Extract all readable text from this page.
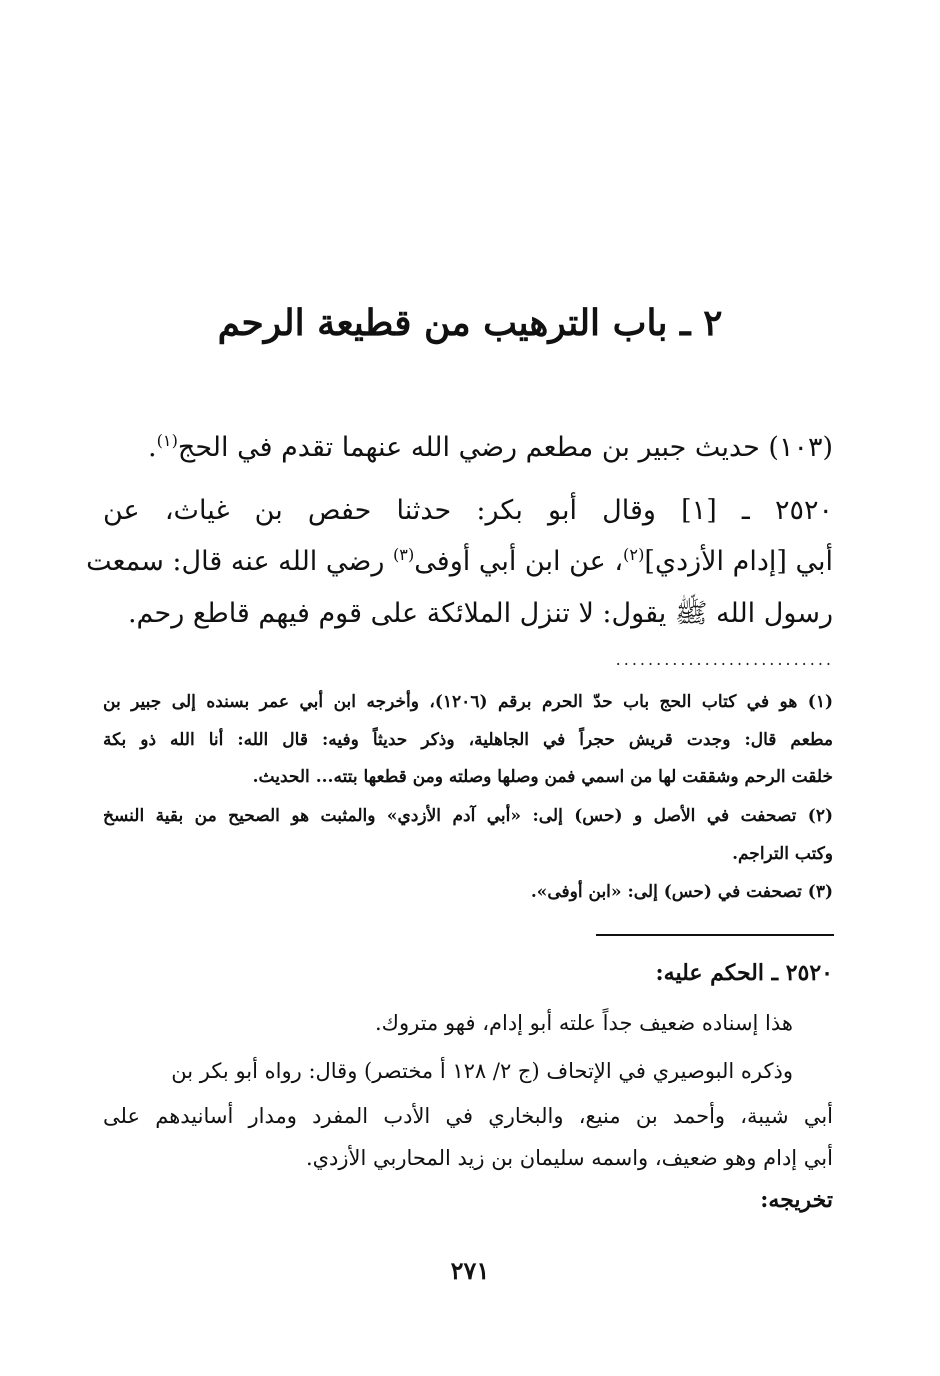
٢ ـ باب الترهيب من قطيعة الرحم
(١٠٣) حديث جبير بن مطعم رضي الله عنهما تقدم في الحج$^{(١)}$.
٢٥٢٠ ـ [١] وقال أبو بكر: حدثنا حفص بن غياث، عن
أبي [إدام الأزدي]$^{(٢)}$، عن ابن أبي أوفى$^{(٣)}$ رضي الله عنه قال: سمعت
رسول الله ﷺ يقول: لا تنزل الملائكة على قوم فيهم قاطع رحم.
...........................
(١) هو في كتاب الحج باب حدّ الحرم برقم (١٢٠٦)، وأخرجه ابن أبي عمر بسنده إلى جبير بن
مطعم قال: وجدت قريش حجراً في الجاهلية، وذكر حديثاً وفيه: قال الله: أنا الله ذو بكة
خلقت الرحم وشققت لها من اسمي فمن وصلها وصلته ومن قطعها بتته... الحديث.
(٢) تصحفت في الأصل و (حس) إلى: «أبي آدم الأزدي» والمثبت هو الصحيح من بقية النسخ
وكتب التراجم.
(٣) تصحفت في (حس) إلى: «ابن أوفى».
٢٥٢٠ ـ الحكم عليه:
هذا إسناده ضعيف جداً علته أبو إدام، فهو متروك.
وذكره البوصيري في الإتحاف (ج ٢/ ١٢٨ أ مختصر) وقال: رواه أبو بكر بن
أبي شيبة، وأحمد بن منيع، والبخاري في الأدب المفرد ومدار أسانيدهم على
أبي إدام وهو ضعيف، واسمه سليمان بن زيد المحاربي الأزدي.
تخريجه:
٢٧١
